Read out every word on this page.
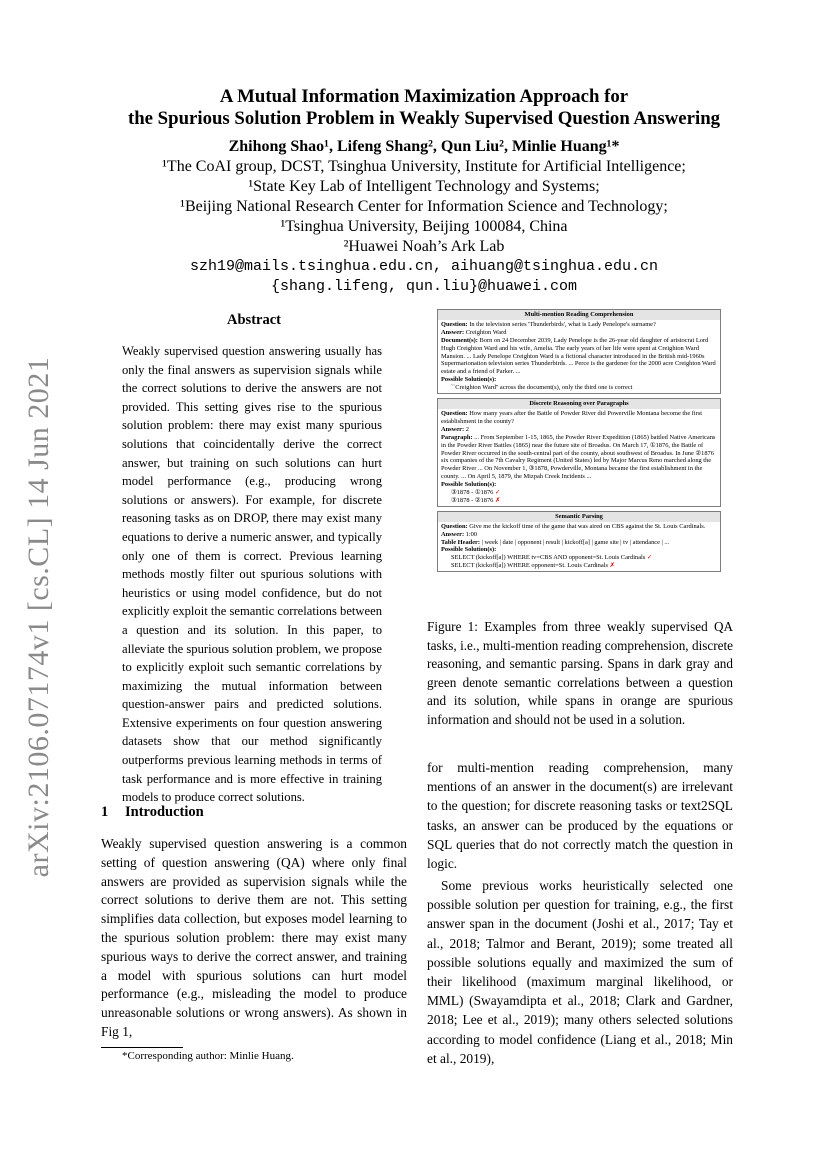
arXiv:2106.07174v1 [cs.CL] 14 Jun 2021
A Mutual Information Maximization Approach for
the Spurious Solution Problem in Weakly Supervised Question Answering
Zhihong Shao¹, Lifeng Shang², Qun Liu², Minlie Huang¹*
¹The CoAI group, DCST, Tsinghua University, Institute for Artificial Intelligence;
¹State Key Lab of Intelligent Technology and Systems;
¹Beijing National Research Center for Information Science and Technology;
¹Tsinghua University, Beijing 100084, China
²Huawei Noah’s Ark Lab
szh19@mails.tsinghua.edu.cn, aihuang@tsinghua.edu.cn
{shang.lifeng, qun.liu}@huawei.com
Abstract
Weakly supervised question answering usually has only the final answers as supervision signals while the correct solutions to derive the answers are not provided. This setting gives rise to the spurious solution problem: there may exist many spurious solutions that coincidentally derive the correct answer, but training on such solutions can hurt model performance (e.g., producing wrong solutions or answers). For example, for discrete reasoning tasks as on DROP, there may exist many equations to derive a numeric answer, and typically only one of them is correct. Previous learning methods mostly filter out spurious solutions with heuristics or using model confidence, but do not explicitly exploit the semantic correlations between a question and its solution. In this paper, to alleviate the spurious solution problem, we propose to explicitly exploit such semantic correlations by maximizing the mutual information between question-answer pairs and predicted solutions. Extensive experiments on four question answering datasets show that our method significantly outperforms previous learning methods in terms of task performance and is more effective in training models to produce correct solutions.
1 Introduction
Weakly supervised question answering is a common setting of question answering (QA) where only final answers are provided as supervision signals while the correct solutions to derive them are not. This setting simplifies data collection, but exposes model learning to the spurious solution problem: there may exist many spurious ways to derive the correct answer, and training a model with spurious solutions can hurt model performance (e.g., misleading the model to produce unreasonable solutions or wrong answers). As shown in Fig 1,
*Corresponding author: Minlie Huang.
Multi-mention Reading Comprehension
Question: In the television series 'Thunderbirds', what is Lady Penelope's surname?
Answer: Creighton Ward
Document(s): Born on 24 December 2039, Lady Penelope is the 26-year old daughter of aristocrat Lord Hugh Creighton Ward and his wife, Amelia. The early years of her life were spent at Creighton Ward Mansion. ... Lady Penelope Creighton Ward is a fictional character introduced in the British mid-1960s Supermarionation television series Thunderbirds. ... Perce is the gardener for the 2000 acre Creighton Ward estate and a friend of Parker. ...
Possible Solution(s):
``Creighton Ward'' across the document(s), only the third one is correct
Discrete Reasoning over Paragraphs
Question: How many years after the Battle of Powder River did Powerville Montana become the first establishment in the county?
Answer: 2
Paragraph: ... From September 1-15, 1865, the Powder River Expedition (1865) battled Native Americans in the Powder River Battles (1865) near the future site of Broadus. On March 17, ①1876, the Battle of Powder River occurred in the south-central part of the county, about southwest of Broadus. In June ②1876 six companies of the 7th Cavalry Regiment (United States) led by Major Marcus Reno marched along the Powder River ... On November 1, ③1878, Powderville, Montana became the first establishment in the county. ... On April 5, 1879, the Mizpah Creek Incidents ...
Possible Solution(s):
③1878 - ①1876 ✓
③1878 - ②1876 ✗
Semantic Parsing
Question: Give me the kickoff time of the game that was aired on CBS against the St. Louis Cardinals.
Answer: 1:00
Table Header: | week | date | opponent | result | kickoff[a] | game site | tv | attendance | ...
Possible Solution(s):
SELECT (kickoff[a]) WHERE tv=CBS AND opponent=St. Louis Cardinals ✓
SELECT (kickoff[a]) WHERE opponent=St. Louis Cardinals ✗
Figure 1: Examples from three weakly supervised QA tasks, i.e., multi-mention reading comprehension, discrete reasoning, and semantic parsing. Spans in dark gray and green denote semantic correlations between a question and its solution, while spans in orange are spurious information and should not be used in a solution.
for multi-mention reading comprehension, many mentions of an answer in the document(s) are irrelevant to the question; for discrete reasoning tasks or text2SQL tasks, an answer can be produced by the equations or SQL queries that do not correctly match the question in logic.
Some previous works heuristically selected one possible solution per question for training, e.g., the first answer span in the document (Joshi et al., 2017; Tay et al., 2018; Talmor and Berant, 2019); some treated all possible solutions equally and maximized the sum of their likelihood (maximum marginal likelihood, or MML) (Swayamdipta et al., 2018; Clark and Gardner, 2018; Lee et al., 2019); many others selected solutions according to model confidence (Liang et al., 2018; Min et al., 2019),
